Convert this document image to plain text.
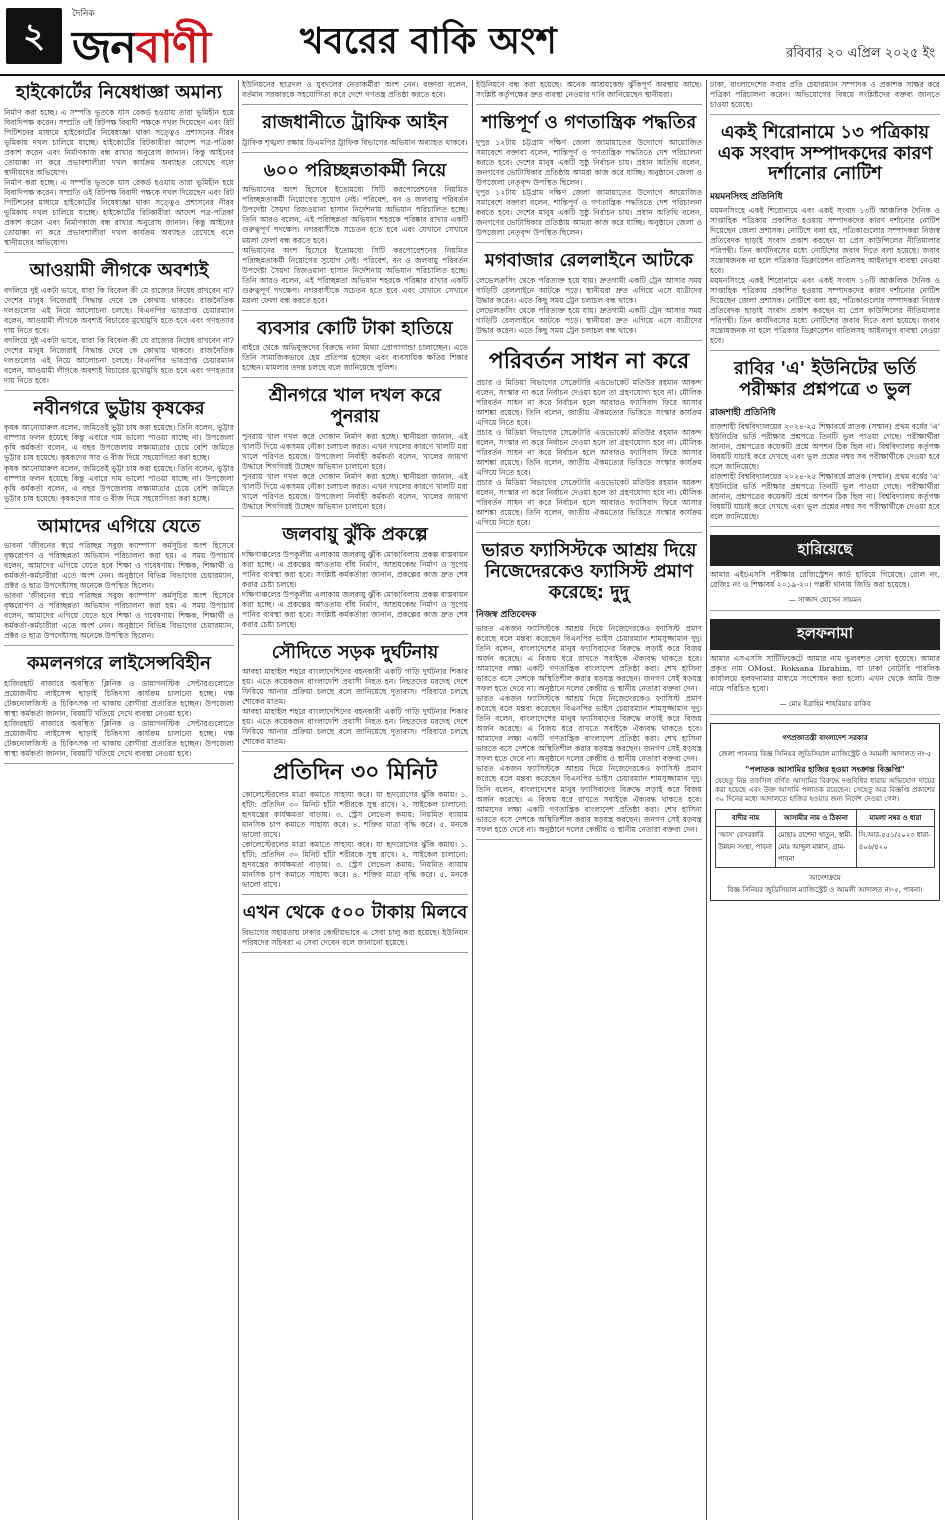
২
দৈনিক
জনবাণী খবরের বাকি অংশ	রবিবার ২০ এপ্রিল ২০২৫ ইং
হাইকোর্টের নিষেধাজ্ঞা অমান্য
নির্মাণ করা হচ্ছে। এ সম্পত্তি ভূতকে যাস রেকর্ড হওয়ায় তারা ভূমিহীন হয়ে বিবাদিপক্ষ করেন। সম্প্রতি ওই রিটপক্ষ বিবাদী পক্ষকে দখল দিয়েছেন এবং রিট পিটিশনের মাধ্যমে হাইকোর্টের নিষেধাজ্ঞা থাকা সত্ত্বেও প্রশাসনের নীরব ভূমিকায় দখল চালিয়ে যাচ্ছে। হাইকোর্টের রিটকারীরা আদেশ পত্র-পত্রিকা প্রকাশ করেন এবং নির্মাণকাজ বন্ধ রাখার অনুরোধ জানান। কিন্তু আইনের তোয়াক্কা না করে প্রভাবশালীরা দখল কার্যক্রম অব্যাহত রেখেছে বলে স্থানীয়দের অভিযোগ।
নির্মাণ করা হচ্ছে। এ সম্পত্তি ভূতকে যাস রেকর্ড হওয়ায় তারা ভূমিহীন হয়ে বিবাদিপক্ষ করেন। সম্প্রতি ওই রিটপক্ষ বিবাদী পক্ষকে দখল দিয়েছেন এবং রিট পিটিশনের মাধ্যমে হাইকোর্টের নিষেধাজ্ঞা থাকা সত্ত্বেও প্রশাসনের নীরব ভূমিকায় দখল চালিয়ে যাচ্ছে। হাইকোর্টের রিটকারীরা আদেশ পত্র-পত্রিকা প্রকাশ করেন এবং নির্মাণকাজ বন্ধ রাখার অনুরোধ জানান। কিন্তু আইনের তোয়াক্কা না করে প্রভাবশালীরা দখল কার্যক্রম অব্যাহত রেখেছে বলে স্থানীয়দের অভিযোগ।
আওয়ামী লীগকে অবশ্যই
বদলিয়ে দুই একটা ভাবে, যারা কি বিকেল কী যে রাজ্যের নিষেধ রাখবেন না? দেশের মানুষ নিজেরাই সিদ্ধান্ত দেবে কে কোথায় থাকবে। রাজনৈতিক দলগুলোর এই নিয়ে আলোচনা চলছে। বিএনপির ভারপ্রাপ্ত চেয়ারম্যান বলেন, আওয়ামী লীগকে অবশ্যই বিচারের মুখোমুখি হতে হবে এবং গণহত্যার দায় নিতে হবে।
বদলিয়ে দুই একটা ভাবে, যারা কি বিকেল কী যে রাজ্যের নিষেধ রাখবেন না? দেশের মানুষ নিজেরাই সিদ্ধান্ত দেবে কে কোথায় থাকবে। রাজনৈতিক দলগুলোর এই নিয়ে আলোচনা চলছে। বিএনপির ভারপ্রাপ্ত চেয়ারম্যান বলেন, আওয়ামী লীগকে অবশ্যই বিচারের মুখোমুখি হতে হবে এবং গণহত্যার দায় নিতে হবে।
নবীনগরে ভুট্টায় কৃষকের
কৃষক আনোয়ারুল বলেন, জমিতেই ভুট্টা চাষ করা হয়েছে। তিনি বলেন, ভুট্টার বাম্পার ফলন হয়েছে কিন্তু এবারে দাম ভালো পাওয়া যাচ্ছে না। উপজেলা কৃষি কর্মকর্তা বলেন, এ বছর উপজেলায় লক্ষ্যমাত্রার চেয়ে বেশি জমিতে ভুট্টার চাষ হয়েছে। কৃষকদের সার ও বীজ দিয়ে সহযোগিতা করা হচ্ছে।
কৃষক আনোয়ারুল বলেন, জমিতেই ভুট্টা চাষ করা হয়েছে। তিনি বলেন, ভুট্টার বাম্পার ফলন হয়েছে কিন্তু এবারে দাম ভালো পাওয়া যাচ্ছে না। উপজেলা কৃষি কর্মকর্তা বলেন, এ বছর উপজেলায় লক্ষ্যমাত্রার চেয়ে বেশি জমিতে ভুট্টার চাষ হয়েছে। কৃষকদের সার ও বীজ দিয়ে সহযোগিতা করা হচ্ছে।
আমাদের এগিয়ে যেতে
ভাবনা 'জীবনের স্বপ্নে পরিচ্ছন্ন সবুজ ক্যাম্পাস' কর্মসূচির অংশ হিসেবে বৃক্ষরোপণ ও পরিচ্ছন্নতা অভিযান পরিচালনা করা হয়। এ সময় উপাচার্য বলেন, আমাদের এগিয়ে যেতে হবে শিক্ষা ও গবেষণায়। শিক্ষক, শিক্ষার্থী ও কর্মকর্তা-কর্মচারীরা এতে অংশ নেন। অনুষ্ঠানে বিভিন্ন বিভাগের চেয়ারম্যান, প্রক্টর ও ছাত্র উপদেষ্টাসহ অনেকে উপস্থিত ছিলেন।
ভাবনা 'জীবনের স্বপ্নে পরিচ্ছন্ন সবুজ ক্যাম্পাস' কর্মসূচির অংশ হিসেবে বৃক্ষরোপণ ও পরিচ্ছন্নতা অভিযান পরিচালনা করা হয়। এ সময় উপাচার্য বলেন, আমাদের এগিয়ে যেতে হবে শিক্ষা ও গবেষণায়। শিক্ষক, শিক্ষার্থী ও কর্মকর্তা-কর্মচারীরা এতে অংশ নেন। অনুষ্ঠানে বিভিন্ন বিভাগের চেয়ারম্যান, প্রক্টর ও ছাত্র উপদেষ্টাসহ অনেকে উপস্থিত ছিলেন।
কমলনগরে লাইসেন্সবিহীন
হাজিরহাট বাজারে অবস্থিত ক্লিনিক ও ডায়াগনস্টিক সেন্টারগুলোতে প্রয়োজনীয় লাইসেন্স ছাড়াই চিকিৎসা কার্যক্রম চালানো হচ্ছে। দক্ষ টেকনোলজিস্ট ও চিকিৎসক না থাকায় রোগীরা প্রতারিত হচ্ছেন। উপজেলা স্বাস্থ্য কর্মকর্তা জানান, বিষয়টি খতিয়ে দেখে ব্যবস্থা নেওয়া হবে।
হাজিরহাট বাজারে অবস্থিত ক্লিনিক ও ডায়াগনস্টিক সেন্টারগুলোতে প্রয়োজনীয় লাইসেন্স ছাড়াই চিকিৎসা কার্যক্রম চালানো হচ্ছে। দক্ষ টেকনোলজিস্ট ও চিকিৎসক না থাকায় রোগীরা প্রতারিত হচ্ছেন। উপজেলা স্বাস্থ্য কর্মকর্তা জানান, বিষয়টি খতিয়ে দেখে ব্যবস্থা নেওয়া হবে।
ইউনিয়নের ছাত্রদল ও যুবদলের নেতাকর্মীরা অংশ নেন। বক্তারা বলেন, বর্তমান সরকারকে সহযোগিতা করে দেশে গণতন্ত্র প্রতিষ্ঠা করতে হবে।
রাজধানীতে ট্রাফিক আইন
ট্রাফিক শৃঙ্খলা রক্ষায় ডিএমপির ট্রাফিক বিভাগের অভিযান অব্যাহত থাকবে।
৬০০ পরিচ্ছন্নতাকর্মী নিয়ে
অভিযানের অংশ হিসেবে ইতোমধ্যে সিটি করপোরেশনের নিয়মিত পরিচ্ছন্নতাকর্মী নিয়োগের সুযোগ নেই। পরিবেশ, বন ও জলবায়ু পরিবর্তন উপদেষ্টা সৈয়দা রিজওয়ানা হাসান নির্দেশনায় অভিযান পরিচালিত হচ্ছে। তিনি আরও বলেন, এই পরিচ্ছন্নতা অভিযান শহরকে পরিষ্কার রাখার একটি গুরুত্বপূর্ণ পদক্ষেপ। নগরবাসীকে সচেতন হতে হবে এবং যেখানে সেখানে ময়লা ফেলা বন্ধ করতে হবে।
অভিযানের অংশ হিসেবে ইতোমধ্যে সিটি করপোরেশনের নিয়মিত পরিচ্ছন্নতাকর্মী নিয়োগের সুযোগ নেই। পরিবেশ, বন ও জলবায়ু পরিবর্তন উপদেষ্টা সৈয়দা রিজওয়ানা হাসান নির্দেশনায় অভিযান পরিচালিত হচ্ছে। তিনি আরও বলেন, এই পরিচ্ছন্নতা অভিযান শহরকে পরিষ্কার রাখার একটি গুরুত্বপূর্ণ পদক্ষেপ। নগরবাসীকে সচেতন হতে হবে এবং যেখানে সেখানে ময়লা ফেলা বন্ধ করতে হবে।
ব্যবসার কোটি টাকা হাতিয়ে
বাইরে থেকে অভিযুক্তদের বিরুদ্ধে নানা মিথ্যা প্রোপাগান্ডা চালাচ্ছেন। এতে তিনি সামাজিকভাবে হেয় প্রতিপন্ন হচ্ছেন এবং ব্যবসায়িক ক্ষতির শিকার হচ্ছেন। মামলার তদন্ত চলছে বলে জানিয়েছে পুলিশ।
শ্রীনগরে খাল দখল করে পুনরায়
পুনরায় খাল দখল করে দোকান নির্মাণ করা হচ্ছে। স্থানীয়রা জানান, এই খালটি দিয়ে একসময় নৌকা চলাচল করত। এখন দখলের কারণে খালটি মরা খালে পরিণত হয়েছে। উপজেলা নির্বাহী কর্মকর্তা বলেন, খালের জায়গা উদ্ধারে শিগগিরই উচ্ছেদ অভিযান চালানো হবে।
পুনরায় খাল দখল করে দোকান নির্মাণ করা হচ্ছে। স্থানীয়রা জানান, এই খালটি দিয়ে একসময় নৌকা চলাচল করত। এখন দখলের কারণে খালটি মরা খালে পরিণত হয়েছে। উপজেলা নির্বাহী কর্মকর্তা বলেন, খালের জায়গা উদ্ধারে শিগগিরই উচ্ছেদ অভিযান চালানো হবে।
জলবায়ু ঝুঁকি প্রকল্পে
দক্ষিণাঞ্চলের উপকূলীয় এলাকায় জলবায়ু ঝুঁকি মোকাবিলায় প্রকল্প বাস্তবায়ন করা হচ্ছে। এ প্রকল্পের আওতায় বাঁধ নির্মাণ, আশ্রয়কেন্দ্র নির্মাণ ও সুপেয় পানির ব্যবস্থা করা হবে। সংশ্লিষ্ট কর্মকর্তারা জানান, প্রকল্পের কাজ দ্রুত শেষ করার চেষ্টা চলছে।
দক্ষিণাঞ্চলের উপকূলীয় এলাকায় জলবায়ু ঝুঁকি মোকাবিলায় প্রকল্প বাস্তবায়ন করা হচ্ছে। এ প্রকল্পের আওতায় বাঁধ নির্মাণ, আশ্রয়কেন্দ্র নির্মাণ ও সুপেয় পানির ব্যবস্থা করা হবে। সংশ্লিষ্ট কর্মকর্তারা জানান, প্রকল্পের কাজ দ্রুত শেষ করার চেষ্টা চলছে।
সৌদিতে সড়ক দুর্ঘটনায়
আবহা মাহাইল শহরে বাংলাদেশিদের বহনকারী একটি গাড়ি দুর্ঘটনার শিকার হয়। এতে কয়েকজন বাংলাদেশি প্রবাসী নিহত হন। নিহতদের মরদেহ দেশে ফিরিয়ে আনার প্রক্রিয়া চলছে বলে জানিয়েছে দূতাবাস। পরিবারে চলছে শোকের মাতম।
আবহা মাহাইল শহরে বাংলাদেশিদের বহনকারী একটি গাড়ি দুর্ঘটনার শিকার হয়। এতে কয়েকজন বাংলাদেশি প্রবাসী নিহত হন। নিহতদের মরদেহ দেশে ফিরিয়ে আনার প্রক্রিয়া চলছে বলে জানিয়েছে দূতাবাস। পরিবারে চলছে শোকের মাতম।
প্রতিদিন ৩০ মিনিট
কোলেস্টেরলের মাত্রা কমাতে সাহায্য করে। যা হৃদরোগের ঝুঁকি কমায়। ১. হাঁটা: প্রতিদিন ৩০ মিনিট হাঁটা শরীরকে সুস্থ রাখে। ২. সাইকেল চালানো: হৃদযন্ত্রের কার্যক্ষমতা বাড়ায়। ৩. স্ট্রেস লেভেল কমায়: নিয়মিত ব্যায়াম মানসিক চাপ কমাতে সাহায্য করে। ৪. শক্তির মাত্রা বৃদ্ধি করে। ৫. মনকে ভালো রাখে।
কোলেস্টেরলের মাত্রা কমাতে সাহায্য করে। যা হৃদরোগের ঝুঁকি কমায়। ১. হাঁটা: প্রতিদিন ৩০ মিনিট হাঁটা শরীরকে সুস্থ রাখে। ২. সাইকেল চালানো: হৃদযন্ত্রের কার্যক্ষমতা বাড়ায়। ৩. স্ট্রেস লেভেল কমায়: নিয়মিত ব্যায়াম মানসিক চাপ কমাতে সাহায্য করে। ৪. শক্তির মাত্রা বৃদ্ধি করে। ৫. মনকে ভালো রাখে।
এখন থেকে ৫০০ টাকায় মিলবে
বিভাগের সহায়তায় ঢাকার কেন্দ্রীয়ভাবে এ সেবা চালু করা হয়েছে। ইউনিয়ন পরিষদের সচিবরা এ সেবা দেবেন বলে জানানো হয়েছে।
ইউনিয়নে বন্ধ করা হয়েছে। অনেক আশ্রয়কেন্দ্র ঝুঁকিপূর্ণ অবস্থায় আছে। সংশ্লিষ্ট কর্তৃপক্ষের দ্রুত ব্যবস্থা নেওয়ার দাবি জানিয়েছেন স্থানীয়রা।
শান্তিপূর্ণ ও গণতান্ত্রিক পদ্ধতির
দুপুর ১২টায় চট্টগ্রাম দক্ষিণ জেলা জামায়াতের উদ্যোগে আয়োজিত সমাবেশে বক্তারা বলেন, শান্তিপূর্ণ ও গণতান্ত্রিক পদ্ধতিতে দেশ পরিচালনা করতে হবে। দেশের মানুষ একটি সুষ্ঠু নির্বাচন চায়। প্রধান অতিথি বলেন, জনগণের ভোটাধিকার প্রতিষ্ঠায় আমরা কাজ করে যাচ্ছি। অনুষ্ঠানে জেলা ও উপজেলা নেতৃবৃন্দ উপস্থিত ছিলেন।
দুপুর ১২টায় চট্টগ্রাম দক্ষিণ জেলা জামায়াতের উদ্যোগে আয়োজিত সমাবেশে বক্তারা বলেন, শান্তিপূর্ণ ও গণতান্ত্রিক পদ্ধতিতে দেশ পরিচালনা করতে হবে। দেশের মানুষ একটি সুষ্ঠু নির্বাচন চায়। প্রধান অতিথি বলেন, জনগণের ভোটাধিকার প্রতিষ্ঠায় আমরা কাজ করে যাচ্ছি। অনুষ্ঠানে জেলা ও উপজেলা নেতৃবৃন্দ উপস্থিত ছিলেন।
মগবাজার রেললাইনে আটকে
লেভেলক্রসিং থেকে পরিত্যক্ত হয়ে যায়। দ্রুতগামী একটি ট্রেন আসার সময় গাড়িটি রেললাইনে আটকে পড়ে। স্থানীয়রা দ্রুত এগিয়ে এসে যাত্রীদের উদ্ধার করেন। এতে কিছু সময় ট্রেন চলাচল বন্ধ থাকে।
লেভেলক্রসিং থেকে পরিত্যক্ত হয়ে যায়। দ্রুতগামী একটি ট্রেন আসার সময় গাড়িটি রেললাইনে আটকে পড়ে। স্থানীয়রা দ্রুত এগিয়ে এসে যাত্রীদের উদ্ধার করেন। এতে কিছু সময় ট্রেন চলাচল বন্ধ থাকে।
পরিবর্তন সাধন না করে
প্রচার ও মিডিয়া বিভাগের সেক্রেটারি এডভোকেট মতিউর রহমান আকন্দ বলেন, সংস্কার না করে নির্বাচন দেওয়া হলে তা গ্রহণযোগ্য হবে না। মৌলিক পরিবর্তন সাধন না করে নির্বাচন হলে আবারও ফ্যাসিবাদ ফিরে আসার আশঙ্কা রয়েছে। তিনি বলেন, জাতীয় ঐকমত্যের ভিত্তিতে সংস্কার কার্যক্রম এগিয়ে নিতে হবে।
প্রচার ও মিডিয়া বিভাগের সেক্রেটারি এডভোকেট মতিউর রহমান আকন্দ বলেন, সংস্কার না করে নির্বাচন দেওয়া হলে তা গ্রহণযোগ্য হবে না। মৌলিক পরিবর্তন সাধন না করে নির্বাচন হলে আবারও ফ্যাসিবাদ ফিরে আসার আশঙ্কা রয়েছে। তিনি বলেন, জাতীয় ঐকমত্যের ভিত্তিতে সংস্কার কার্যক্রম এগিয়ে নিতে হবে।
প্রচার ও মিডিয়া বিভাগের সেক্রেটারি এডভোকেট মতিউর রহমান আকন্দ বলেন, সংস্কার না করে নির্বাচন দেওয়া হলে তা গ্রহণযোগ্য হবে না। মৌলিক পরিবর্তন সাধন না করে নির্বাচন হলে আবারও ফ্যাসিবাদ ফিরে আসার আশঙ্কা রয়েছে। তিনি বলেন, জাতীয় ঐকমত্যের ভিত্তিতে সংস্কার কার্যক্রম এগিয়ে নিতে হবে।
ভারত ফ্যাসিস্টকে আশ্রয় দিয়ে নিজেদেরকেও ফ্যাসিস্ট প্রমাণ করেছে: দুদু
নিজস্ব প্রতিবেদক
ভারত একজন ফ্যাসিস্টকে আশ্রয় দিয়ে নিজেদেরকেও ফ্যাসিস্ট প্রমাণ করেছে বলে মন্তব্য করেছেন বিএনপির ভাইস চেয়ারম্যান শামসুজ্জামান দুদু। তিনি বলেন, বাংলাদেশের মানুষ ফ্যাসিবাদের বিরুদ্ধে লড়াই করে বিজয় অর্জন করেছে। এ বিজয় ধরে রাখতে সবাইকে ঐক্যবদ্ধ থাকতে হবে। আমাদের লক্ষ্য একটি গণতান্ত্রিক বাংলাদেশ প্রতিষ্ঠা করা। শেখ হাসিনা ভারতে বসে দেশকে অস্থিতিশীল করার ষড়যন্ত্র করছেন। জনগণ সেই ষড়যন্ত্র সফল হতে দেবে না। অনুষ্ঠানে দলের কেন্দ্রীয় ও স্থানীয় নেতারা বক্তব্য দেন।
ভারত একজন ফ্যাসিস্টকে আশ্রয় দিয়ে নিজেদেরকেও ফ্যাসিস্ট প্রমাণ করেছে বলে মন্তব্য করেছেন বিএনপির ভাইস চেয়ারম্যান শামসুজ্জামান দুদু। তিনি বলেন, বাংলাদেশের মানুষ ফ্যাসিবাদের বিরুদ্ধে লড়াই করে বিজয় অর্জন করেছে। এ বিজয় ধরে রাখতে সবাইকে ঐক্যবদ্ধ থাকতে হবে। আমাদের লক্ষ্য একটি গণতান্ত্রিক বাংলাদেশ প্রতিষ্ঠা করা। শেখ হাসিনা ভারতে বসে দেশকে অস্থিতিশীল করার ষড়যন্ত্র করছেন। জনগণ সেই ষড়যন্ত্র সফল হতে দেবে না। অনুষ্ঠানে দলের কেন্দ্রীয় ও স্থানীয় নেতারা বক্তব্য দেন।
ভারত একজন ফ্যাসিস্টকে আশ্রয় দিয়ে নিজেদেরকেও ফ্যাসিস্ট প্রমাণ করেছে বলে মন্তব্য করেছেন বিএনপির ভাইস চেয়ারম্যান শামসুজ্জামান দুদু। তিনি বলেন, বাংলাদেশের মানুষ ফ্যাসিবাদের বিরুদ্ধে লড়াই করে বিজয় অর্জন করেছে। এ বিজয় ধরে রাখতে সবাইকে ঐক্যবদ্ধ থাকতে হবে। আমাদের লক্ষ্য একটি গণতান্ত্রিক বাংলাদেশ প্রতিষ্ঠা করা। শেখ হাসিনা ভারতে বসে দেশকে অস্থিতিশীল করার ষড়যন্ত্র করছেন। জনগণ সেই ষড়যন্ত্র সফল হতে দেবে না। অনুষ্ঠানে দলের কেন্দ্রীয় ও স্থানীয় নেতারা বক্তব্য দেন।
ঢাকা, বাংলাদেশের সবার প্রতি চেয়ারম্যান সম্পাদক ও প্রকাশক সাক্ষর করে পত্রিকা পরিচালনা করেন। অভিযোগের বিষয়ে সংশ্লিষ্টদের বক্তব্য জানতে চাওয়া হয়েছে।
একই শিরোনামে ১৩ পত্রিকায় এক সংবাদ সম্পাদকদের কারণ দর্শানোর নোটিশ
ময়মনসিংহ প্রতিনিধি
ময়মনসিংহে একই শিরোনামে এবং একই সংবাদ ১৩টি আঞ্চলিক দৈনিক ও সাপ্তাহিক পত্রিকায় প্রকাশিত হওয়ায় সম্পাদকদের কারণ দর্শানোর নোটিশ দিয়েছেন জেলা প্রশাসক। নোটিশে বলা হয়, পত্রিকাগুলোর সম্পাদকরা নিজস্ব প্রতিবেদক ছাড়াই সংবাদ প্রকাশ করছেন যা প্রেস কাউন্সিলের নীতিমালার পরিপন্থী। তিন কার্যদিবসের মধ্যে নোটিশের জবাব দিতে বলা হয়েছে। জবাব সন্তোষজনক না হলে পত্রিকার ডিক্লারেশন বাতিলসহ আইনানুগ ব্যবস্থা নেওয়া হবে।
ময়মনসিংহে একই শিরোনামে এবং একই সংবাদ ১৩টি আঞ্চলিক দৈনিক ও সাপ্তাহিক পত্রিকায় প্রকাশিত হওয়ায় সম্পাদকদের কারণ দর্শানোর নোটিশ দিয়েছেন জেলা প্রশাসক। নোটিশে বলা হয়, পত্রিকাগুলোর সম্পাদকরা নিজস্ব প্রতিবেদক ছাড়াই সংবাদ প্রকাশ করছেন যা প্রেস কাউন্সিলের নীতিমালার পরিপন্থী। তিন কার্যদিবসের মধ্যে নোটিশের জবাব দিতে বলা হয়েছে। জবাব সন্তোষজনক না হলে পত্রিকার ডিক্লারেশন বাতিলসহ আইনানুগ ব্যবস্থা নেওয়া হবে।
রাবির 'এ' ইউনিটের ভর্তি পরীক্ষার প্রশ্নপত্রে ৩ ভুল
রাজশাহী প্রতিনিধি
রাজশাহী বিশ্ববিদ্যালয়ের ২০২৪-২৫ শিক্ষাবর্ষে স্নাতক (সম্মান) প্রথম বর্ষের 'এ' ইউনিটের ভর্তি পরীক্ষার প্রশ্নপত্রে তিনটি ভুল পাওয়া গেছে। পরীক্ষার্থীরা জানান, প্রশ্নপত্রের কয়েকটি প্রশ্নে অপশন ঠিক ছিল না। বিশ্ববিদ্যালয় কর্তৃপক্ষ বিষয়টি যাচাই করে দেখছে এবং ভুল প্রশ্নের নম্বর সব পরীক্ষার্থীকে দেওয়া হবে বলে জানিয়েছে।
রাজশাহী বিশ্ববিদ্যালয়ের ২০২৪-২৫ শিক্ষাবর্ষে স্নাতক (সম্মান) প্রথম বর্ষের 'এ' ইউনিটের ভর্তি পরীক্ষার প্রশ্নপত্রে তিনটি ভুল পাওয়া গেছে। পরীক্ষার্থীরা জানান, প্রশ্নপত্রের কয়েকটি প্রশ্নে অপশন ঠিক ছিল না। বিশ্ববিদ্যালয় কর্তৃপক্ষ বিষয়টি যাচাই করে দেখছে এবং ভুল প্রশ্নের নম্বর সব পরীক্ষার্থীকে দেওয়া হবে বলে জানিয়েছে।
হারিয়েছে
আমার এইচএসসি পরীক্ষার রেজিস্ট্রেশন কার্ড হারিয়ে গিয়েছে। রোল নং, রেজিঃ নং ও শিক্ষাবর্ষ ২০১৯-২০। পল্লবী থানায় জিডি করা হয়েছে।
— সাজ্জাদ হোসেন সায়মন
হলফনামা
আমার এসএসসি সার্টিফিকেটে আমার নাম ভুলবশত লেখা হয়েছে। আমার প্রকৃত নাম OMost. Roksana Ibrahim, যা ঢাকা নোটারি পাবলিক কার্যালয়ে হলফনামার মাধ্যমে সংশোধন করা হলো। এখন থেকে আমি উক্ত নামে পরিচিত হবো।
— মোঃ ইব্রাহিম শাহরিয়ার রাকিব
গণপ্রজাতন্ত্রী বাংলাদেশ সরকার
জেলা পাবনার বিজ্ঞ সিনিয়র জুডিসিয়াল ম্যাজিস্ট্রেট ও আমলী আদালত নং-৫
"পলাতক আসামির হাজির হওয়া সংক্রান্ত বিজ্ঞপ্তি"
যেহেতু নিম্ন তফসিল বর্ণিত আসামির বিরুদ্ধে দণ্ডবিধির ধারায় অভিযোগ দায়ের করা হয়েছে এবং উক্ত আসামি পলাতক রয়েছেন। সেহেতু অত্র বিজ্ঞপ্তি প্রকাশের ৩০ দিনের মধ্যে আদালতে হাজির হওয়ার জন্য নির্দেশ দেওয়া গেল।
বাদীর নাম	আসামীর নাম ও ঠিকানা	মামলা নম্বর ও ধারা
'আস' বেসরকারি উন্নয়ন সংস্থা, পাবনা	মোছাঃ রাশেদা খাতুন, স্বামী- মোঃ আব্দুল মান্নান, গ্রাম- পাবনা	সি.আর-৫৫১/২০২৩ ধারা- ৪০৬/৪২০
আদেশক্রমে
বিজ্ঞ সিনিয়র জুডিসিয়াল ম্যাজিস্ট্রেট ও আমলী আদালত নং-৫, পাবনা।
